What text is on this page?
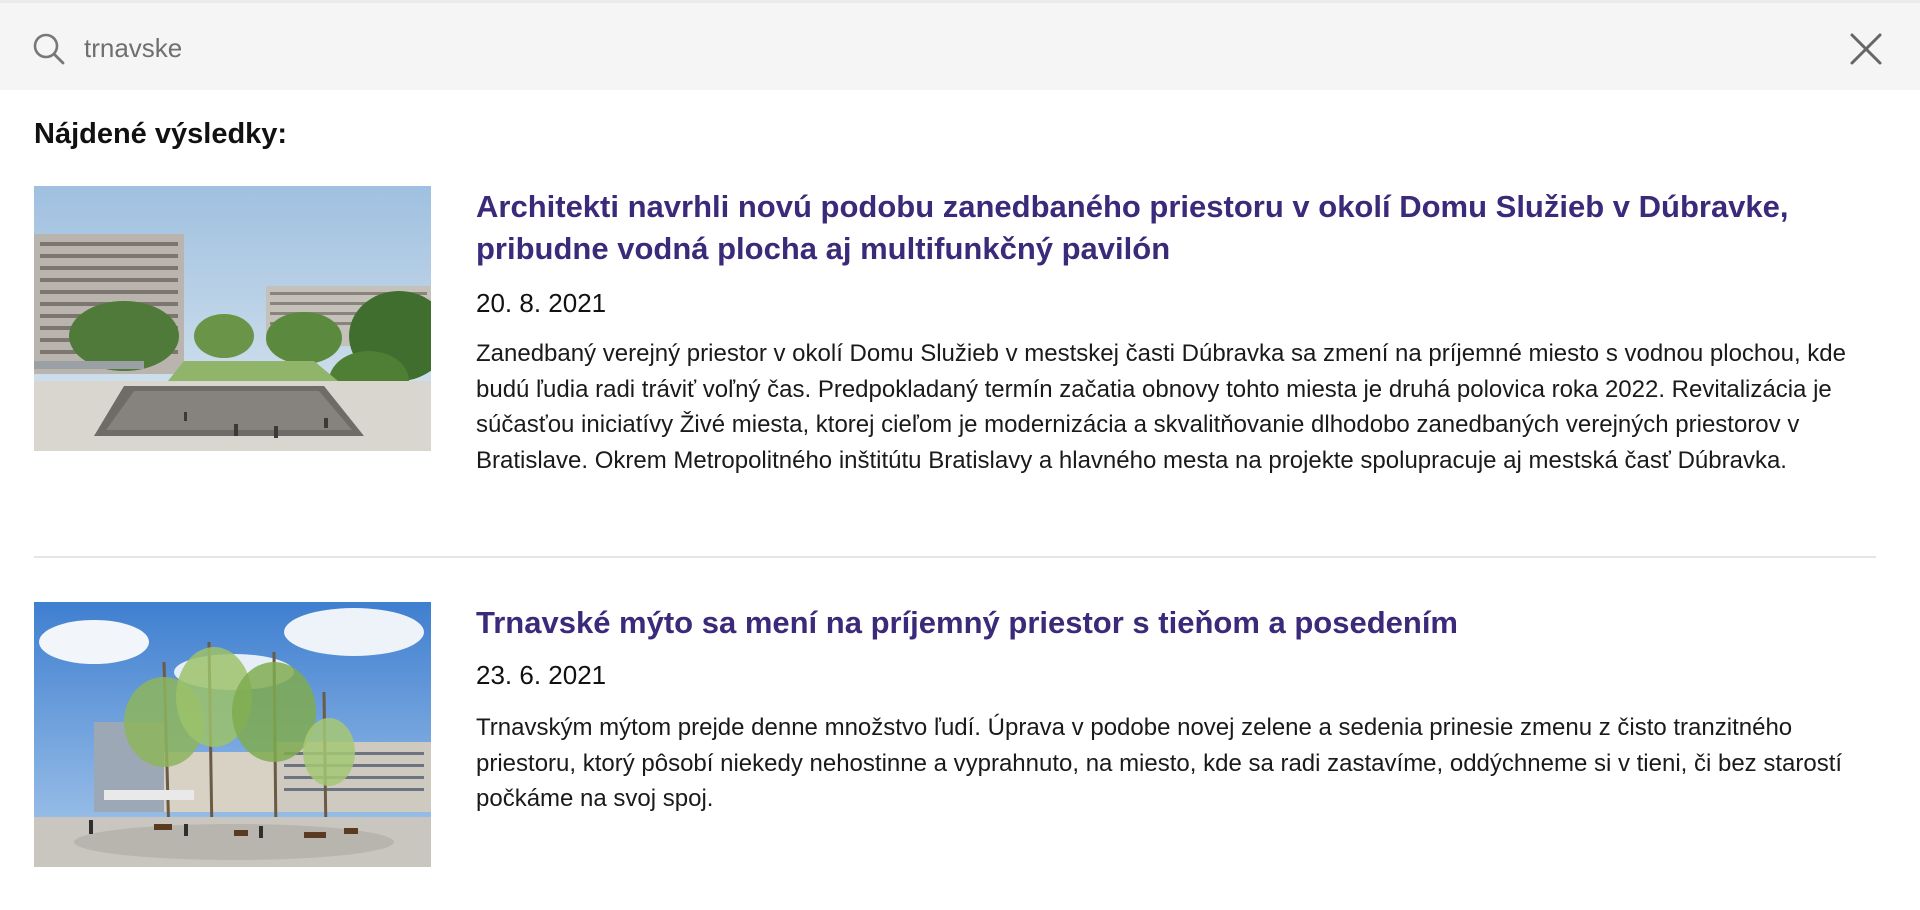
trnavske
Nájdené výsledky:
Architekti navrhli novú podobu zanedbaného priestoru v okolí Domu Služieb v Dúbravke, pribudne vodná plocha aj multifunkčný pavilón

20. 8. 2021

Zanedbaný verejný priestor v okolí Domu Služieb v mestskej časti Dúbravka sa zmení na príjemné miesto s vodnou plochou, kde budú ľudia radi tráviť voľný čas. Predpokladaný termín začatia obnovy tohto miesta je druhá polovica roka 2022. Revitalizácia je súčasťou iniciatívy Živé miesta, ktorej cieľom je modernizácia a skvalitňovanie dlhodobo zanedbaných verejných priestorov v Bratislave. Okrem Metropolitného inštitútu Bratislavy a hlavného mesta na projekte spolupracuje aj mestská časť Dúbravka.

Trnavské mýto sa mení na príjemný priestor s tieňom a posedením

23. 6. 2021

Trnavským mýtom prejde denne množstvo ľudí. Úprava v podobe novej zelene a sedenia prinesie zmenu z čisto tranzitného priestoru, ktorý pôsobí niekedy nehostinne a vyprahnuto, na miesto, kde sa radi zastavíme, oddýchneme si v tieni, či bez starostí počkáme na svoj spoj.
